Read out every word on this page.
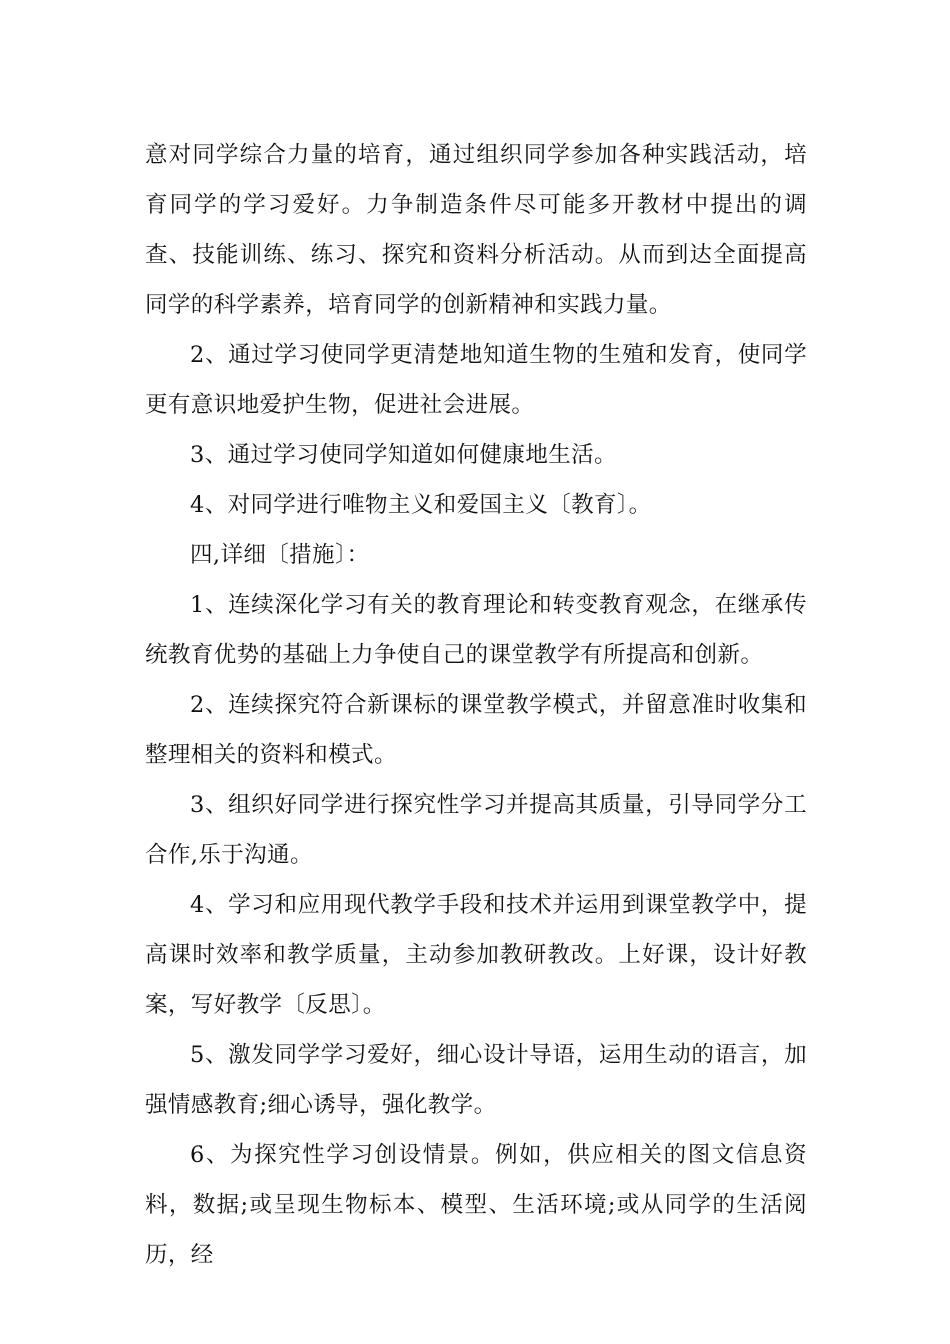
意对同学综合力量的培育，通过组织同学参加各种实践活动，培育同学的学习爱好。力争制造条件尽可能多开教材中提出的调查、技能训练、练习、探究和资料分析活动。从而到达全面提高同学的科学素养，培育同学的创新精神和实践力量。

2、通过学习使同学更清楚地知道生物的生殖和发育，使同学更有意识地爱护生物，促进社会进展。

3、通过学习使同学知道如何健康地生活。

4、对同学进行唯物主义和爱国主义〔教育〕。

四,详细〔措施〕：

1、连续深化学习有关的教育理论和转变教育观念，在继承传统教育优势的基础上力争使自己的课堂教学有所提高和创新。

2、连续探究符合新课标的课堂教学模式，并留意准时收集和整理相关的资料和模式。

3、组织好同学进行探究性学习并提高其质量，引导同学分工合作,乐于沟通。

4、学习和应用现代教学手段和技术并运用到课堂教学中，提高课时效率和教学质量，主动参加教研教改。上好课，设计好教案，写好教学〔反思〕。

5、激发同学学习爱好，细心设计导语，运用生动的语言，加强情感教育;细心诱导，强化教学。

6、为探究性学习创设情景。例如，供应相关的图文信息资料，数据;或呈现生物标本、模型、生活环境;或从同学的生活阅历，经
